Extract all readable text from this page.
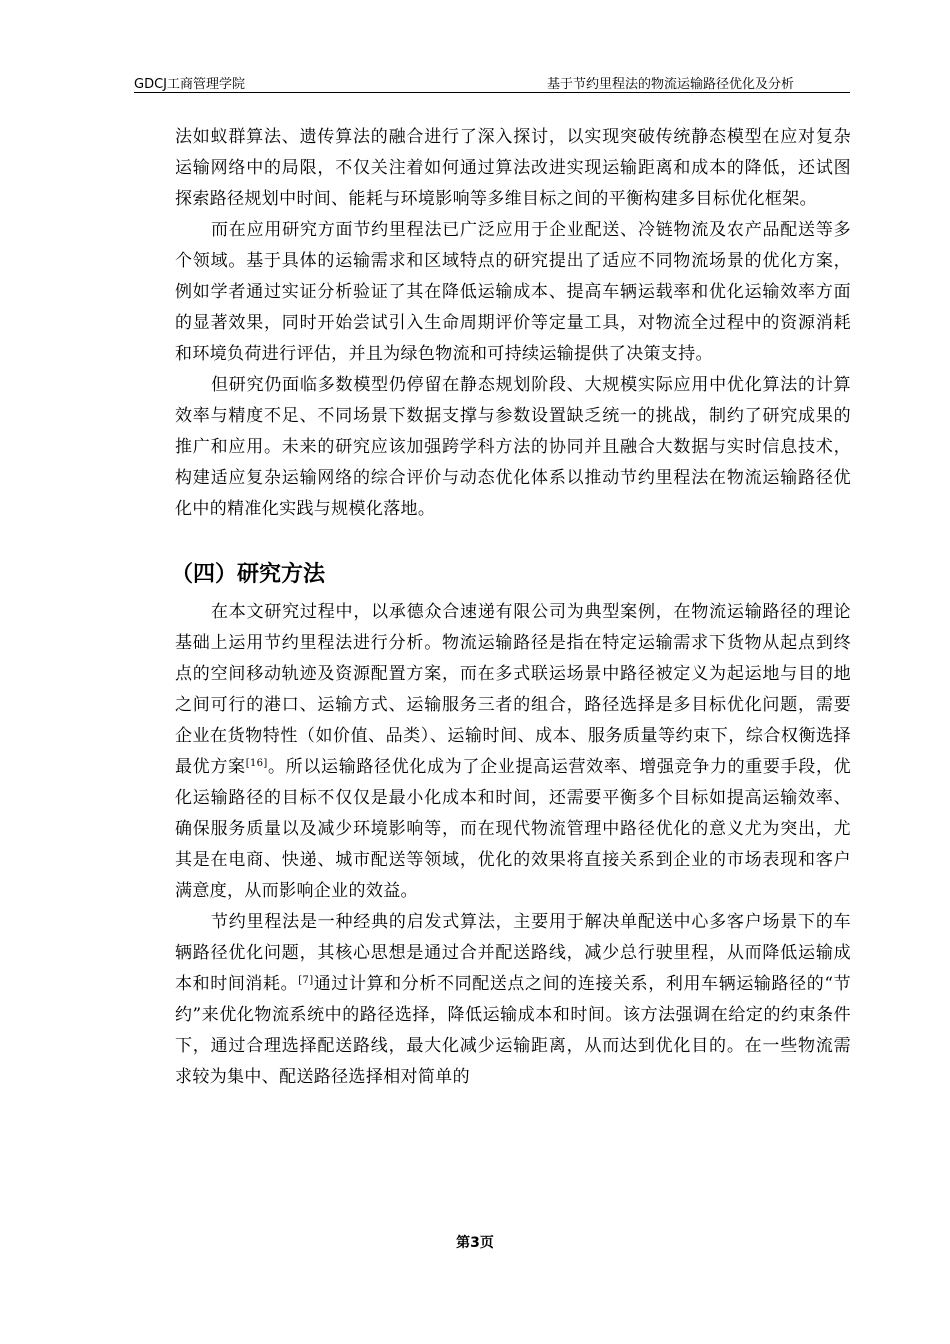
GDCJ工商管理学院	基于节约里程法的物流运输路径优化及分析

法如蚁群算法、遗传算法的融合进行了深入探讨，以实现突破传统静态模型在应对复杂运输网络中的局限，不仅关注着如何通过算法改进实现运输距离和成本的降低，还试图探索路径规划中时间、能耗与环境影响等多维目标之间的平衡构建多目标优化框架。

而在应用研究方面节约里程法已广泛应用于企业配送、冷链物流及农产品配送等多个领域。基于具体的运输需求和区域特点的研究提出了适应不同物流场景的优化方案，例如学者通过实证分析验证了其在降低运输成本、提高车辆运载率和优化运输效率方面的显著效果，同时开始尝试引入生命周期评价等定量工具，对物流全过程中的资源消耗和环境负荷进行评估，并且为绿色物流和可持续运输提供了决策支持。

但研究仍面临多数模型仍停留在静态规划阶段、大规模实际应用中优化算法的计算效率与精度不足、不同场景下数据支撑与参数设置缺乏统一的挑战，制约了研究成果的推广和应用。未来的研究应该加强跨学科方法的协同并且融合大数据与实时信息技术，构建适应复杂运输网络的综合评价与动态优化体系以推动节约里程法在物流运输路径优化中的精准化实践与规模化落地。

（四）研究方法

在本文研究过程中，以承德众合速递有限公司为典型案例，在物流运输路径的理论基础上运用节约里程法进行分析。物流运输路径是指在特定运输需求下货物从起点到终点的空间移动轨迹及资源配置方案，而在多式联运场景中路径被定义为起运地与目的地之间可行的港口、运输方式、运输服务三者的组合，路径选择是多目标优化问题，需要企业在货物特性（如价值、品类）、运输时间、成本、服务质量等约束下，综合权衡选择最优方案[16]。所以运输路径优化成为了企业提高运营效率、增强竞争力的重要手段，优化运输路径的目标不仅仅是最小化成本和时间，还需要平衡多个目标如提高运输效率、确保服务质量以及减少环境影响等，而在现代物流管理中路径优化的意义尤为突出，尤其是在电商、快递、城市配送等领域，优化的效果将直接关系到企业的市场表现和客户满意度，从而影响企业的效益。

节约里程法是一种经典的启发式算法，主要用于解决单配送中心多客户场景下的车辆路径优化问题，其核心思想是通过合并配送路线，减少总行驶里程，从而降低运输成本和时间消耗。[7]通过计算和分析不同配送点之间的连接关系，利用车辆运输路径的“节约”来优化物流系统中的路径选择，降低运输成本和时间。该方法强调在给定的约束条件下，通过合理选择配送路线，最大化减少运输距离，从而达到优化目的。在一些物流需求较为集中、配送路径选择相对简单的

第3页
